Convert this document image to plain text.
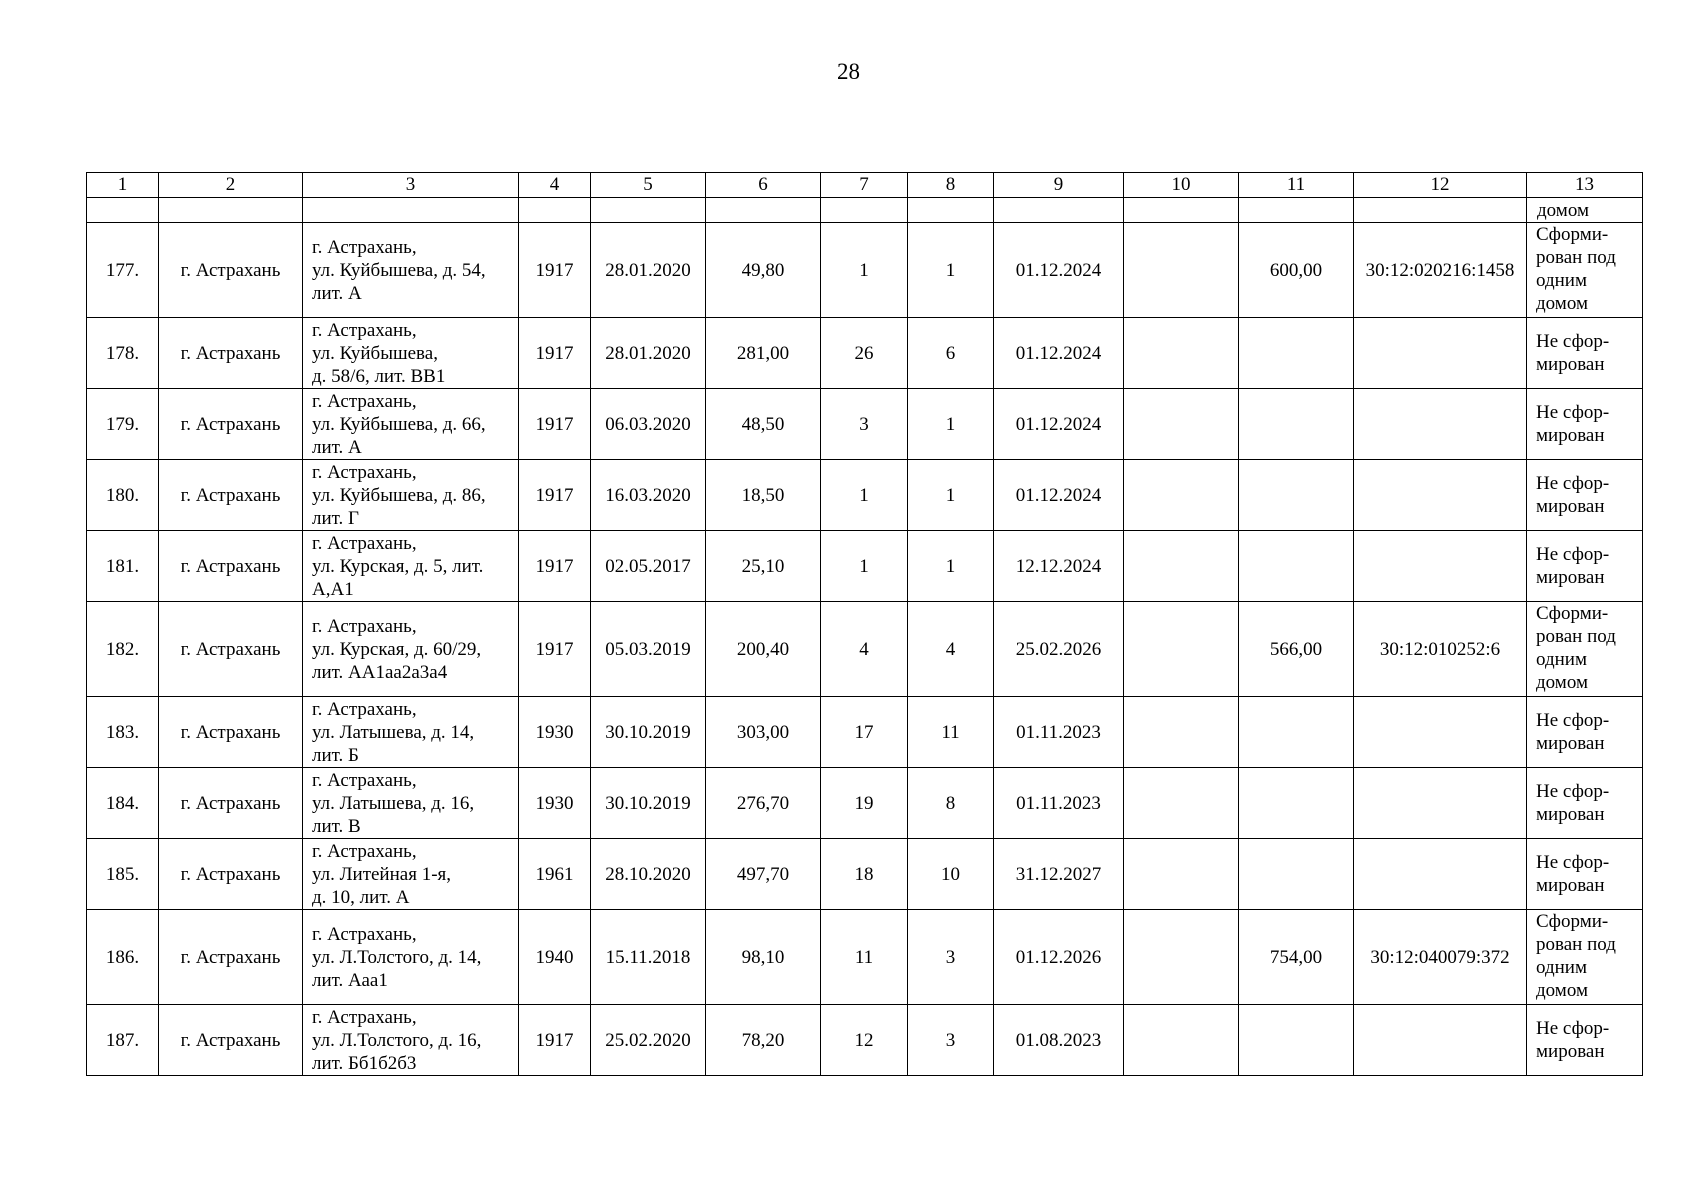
28
1	2	3	4	5	6	7	8	9	10	11	12	13
												домом
177.	г. Астрахань	г. Астрахань,
ул. Куйбышева, д. 54,
лит. А	1917	28.01.2020	49,80	1	1	01.12.2024		600,00	30:12:020216:1458	Сформи-
рован под
одним
домом
178.	г. Астрахань	г. Астрахань,
ул. Куйбышева,
д. 58/6, лит. ВВ1	1917	28.01.2020	281,00	26	6	01.12.2024				Не сфор-
мирован
179.	г. Астрахань	г. Астрахань,
ул. Куйбышева, д. 66,
лит. А	1917	06.03.2020	48,50	3	1	01.12.2024				Не сфор-
мирован
180.	г. Астрахань	г. Астрахань,
ул. Куйбышева, д. 86,
лит. Г	1917	16.03.2020	18,50	1	1	01.12.2024				Не сфор-
мирован
181.	г. Астрахань	г. Астрахань,
ул. Курская, д. 5, лит.
А,А1	1917	02.05.2017	25,10	1	1	12.12.2024				Не сфор-
мирован
182.	г. Астрахань	г. Астрахань,
ул. Курская, д. 60/29,
лит. АА1аа2а3а4	1917	05.03.2019	200,40	4	4	25.02.2026		566,00	30:12:010252:6	Сформи-
рован под
одним
домом
183.	г. Астрахань	г. Астрахань,
ул. Латышева, д. 14,
лит. Б	1930	30.10.2019	303,00	17	11	01.11.2023				Не сфор-
мирован
184.	г. Астрахань	г. Астрахань,
ул. Латышева, д. 16,
лит. В	1930	30.10.2019	276,70	19	8	01.11.2023				Не сфор-
мирован
185.	г. Астрахань	г. Астрахань,
ул. Литейная 1-я,
д. 10, лит. А	1961	28.10.2020	497,70	18	10	31.12.2027				Не сфор-
мирован
186.	г. Астрахань	г. Астрахань,
ул. Л.Толстого, д. 14,
лит. Ааа1	1940	15.11.2018	98,10	11	3	01.12.2026		754,00	30:12:040079:372	Сформи-
рован под
одним
домом
187.	г. Астрахань	г. Астрахань,
ул. Л.Толстого, д. 16,
лит. Бб1б2б3	1917	25.02.2020	78,20	12	3	01.08.2023				Не сфор-
мирован
